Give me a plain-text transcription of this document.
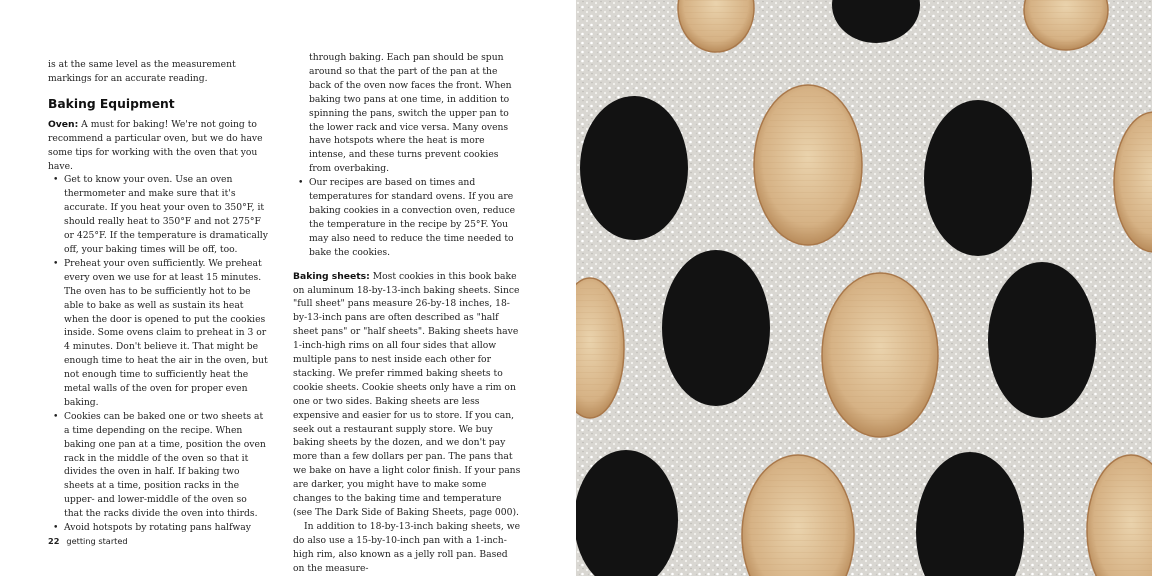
is at the same level as the measurement markings for an accurate reading.

Baking Equipment

Oven: A must for baking! We're not going to recommend a particular oven, but we do have some tips for working with the oven that you have.

• Get to know your oven. Use an oven thermometer and make sure that it's accurate. If you heat your oven to 350°F, it should really heat to 350°F and not 275°F or 425°F. If the temperature is dramatically off, your baking times will be off, too.
• Preheat your oven sufficiently. We preheat every oven we use for at least 15 minutes. The oven has to be sufficiently hot to be able to bake as well as sustain its heat when the door is opened to put the cookies inside. Some ovens claim to preheat in 3 or 4 minutes. Don't believe it. That might be enough time to heat the air in the oven, but not enough time to sufficiently heat the metal walls of the oven for proper even baking.
• Cookies can be baked one or two sheets at a time depending on the recipe. When baking one pan at a time, position the oven rack in the middle of the oven so that it divides the oven in half. If baking two sheets at a time, position racks in the upper- and lower-middle of the oven so that the racks divide the oven into thirds.
• Avoid hotspots by rotating pans halfway

through baking. Each pan should be spun around so that the part of the pan at the back of the oven now faces the front. When baking two pans at one time, in addition to spinning the pans, switch the upper pan to the lower rack and vice versa. Many ovens have hotspots where the heat is more intense, and these turns prevent cookies from overbaking.

• Our recipes are based on times and temperatures for standard ovens. If you are baking cookies in a convection oven, reduce the temperature in the recipe by 25°F. You may also need to reduce the time needed to bake the cookies.

Baking sheets: Most cookies in this book bake on aluminum 18-by-13-inch baking sheets. Since "full sheet" pans measure 26-by-18 inches, 18-by-13-inch pans are often described as "half sheet pans" or "half sheets". Baking sheets have 1-inch-high rims on all four sides that allow multiple pans to nest inside each other for stacking. We prefer rimmed baking sheets to cookie sheets. Cookie sheets only have a rim on one or two sides. Baking sheets are less expensive and easier for us to store. If you can, seek out a restaurant supply store. We buy baking sheets by the dozen, and we don't pay more than a few dollars per pan. The pans that we bake on have a light color finish. If your pans are darker, you might have to make some changes to the baking time and temperature (see The Dark Side of Baking Sheets, page 000).

In addition to 18-by-13-inch baking sheets, we do also use a 15-by-10-inch pan with a 1-inch-high rim, also known as a jelly roll pan. Based on the measure-

22 getting started
